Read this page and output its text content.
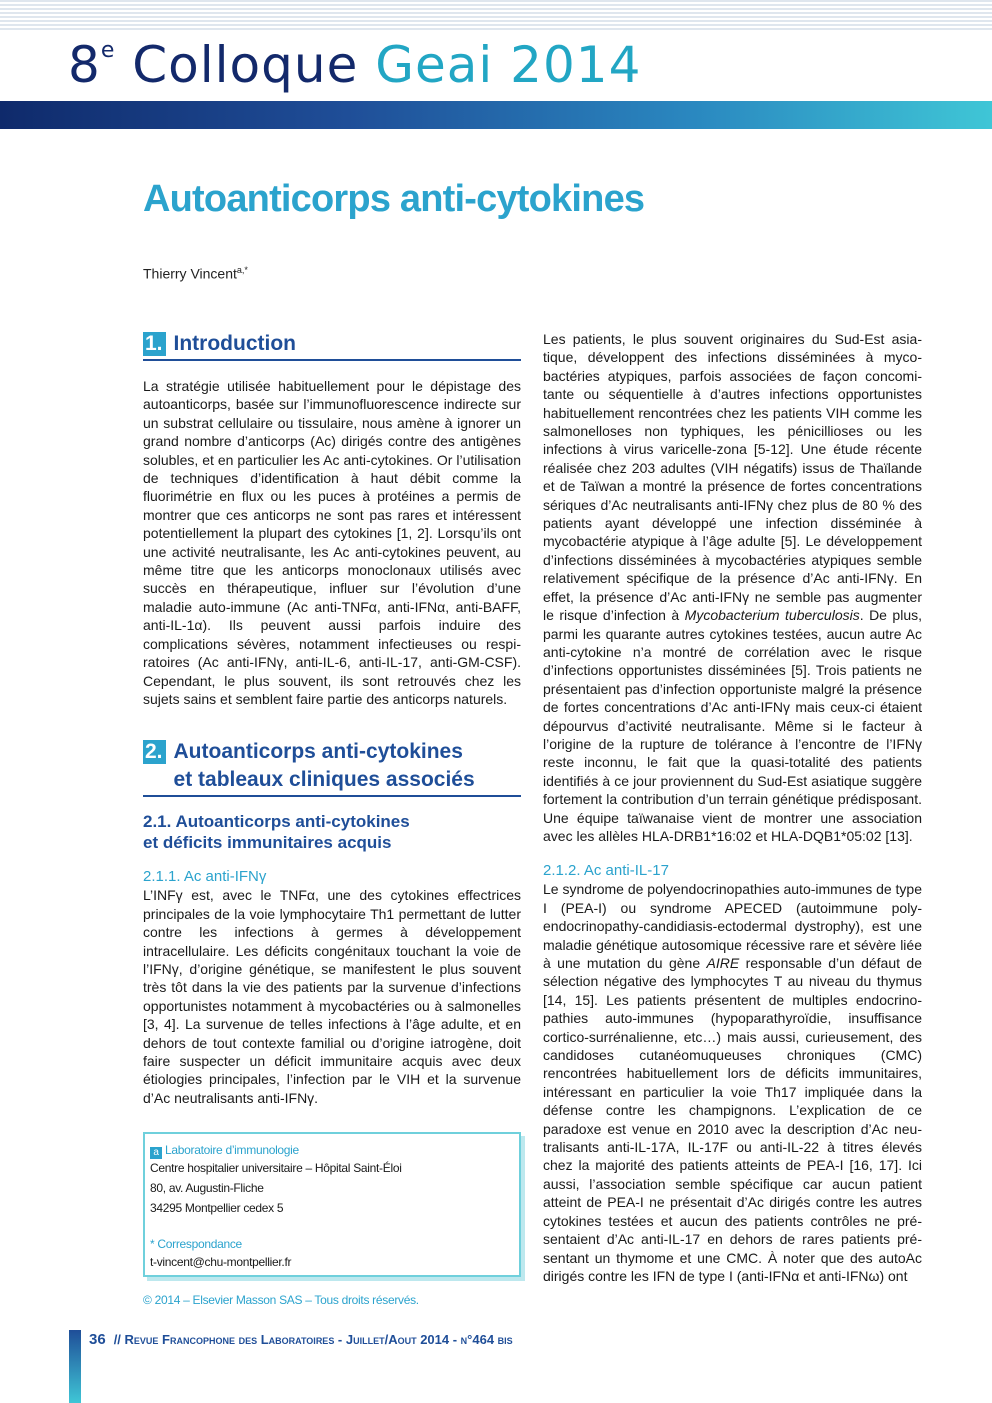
8e Colloque Geai 2014
Autoanticorps anti-cytokines
Thierry Vincent$^{a,*}$
1. Introduction

La stratégie utilisée habituellement pour le dépistage des autoanticorps, basée sur l’immunofluorescence indirecte sur un substrat cellulaire ou tissulaire, nous amène à ignorer un grand nombre d’anticorps (Ac) dirigés contre des antigènes solubles, et en particulier les Ac anti-cytokines. Or l’utilisation de techniques d’identification à haut débit comme la fluorimétrie en flux ou les puces à protéines a permis de montrer que ces anticorps ne sont pas rares et intéressent potentiellement la plupart des cytokines [1, 2]. Lorsqu’ils ont une activité neutralisante, les Ac anti-cytokines peuvent, au même titre que les anticorps monoclonaux utilisés avec succès en thérapeutique, influer sur l’évolution d’une maladie auto-immune (Ac anti-TNFα, anti-IFNα, anti-BAFF, anti-IL-1α). Ils peuvent aussi parfois induire des complications sévères, notamment infectieuses ou respiratoires (Ac anti-IFNγ, anti-IL-6, anti-IL-17, anti-GM-CSF). Cependant, le plus souvent, ils sont retrouvés chez les sujets sains et semblent faire partie des anticorps naturels.

2. Autoanticorps anti-cytokines
et tableaux cliniques associés
2.1. Autoanticorps anti-cytokines
et déficits immunitaires acquis
2.1.1. Ac anti-IFNγ

L’INFγ est, avec le TNFα, une des cytokines effectrices principales de la voie lymphocytaire Th1 permettant de lutter contre les infections à germes à développement intracellulaire. Les déficits congénitaux touchant la voie de l’IFNγ, d’origine génétique, se manifestent le plus souvent très tôt dans la vie des patients par la survenue d’infections opportunistes notamment à mycobactéries ou à salmonelles [3, 4]. La survenue de telles infections à l’âge adulte, et en dehors de tout contexte familial ou d’origine iatrogène, doit faire suspecter un déficit immunitaire acquis avec deux étiologies principales, l’infection par le VIH et la survenue d’Ac neutralisants anti-IFNγ.

Les patients, le plus souvent originaires du Sud-Est asiatique, développent des infections disséminées à mycobactéries atypiques, parfois associées de façon concomitante ou séquentielle à d’autres infections opportunistes habituellement rencontrées chez les patients VIH comme les salmonelloses non typhiques, les pénicillioses ou les infections à virus varicelle-zona [5-12]. Une étude récente réalisée chez 203 adultes (VIH négatifs) issus de Thaïlande et de Taïwan a montré la présence de fortes concentrations sériques d’Ac neutralisants anti-IFNγ chez plus de 80 % des patients ayant développé une infection disséminée à mycobactérie atypique à l’âge adulte [5]. Le développement d’infections disséminées à mycobactéries atypiques semble relativement spécifique de la présence d’Ac anti-IFNγ. En effet, la présence d’Ac anti-IFNγ ne semble pas augmenter le risque d’infection à Mycobacterium tuberculosis. De plus, parmi les quarante autres cytokines testées, aucun autre Ac anti-cytokine n’a montré de corrélation avec le risque d’infections opportunistes disséminées [5]. Trois patients ne présentaient pas d’infection opportuniste malgré la présence de fortes concentrations d’Ac anti-IFNγ mais ceux-ci étaient dépourvus d’activité neutralisante. Même si le facteur à l’origine de la rupture de tolérance à l’encontre de l’IFNγ reste inconnu, le fait que la quasi-totalité des patients identifiés à ce jour proviennent du Sud-Est asiatique suggère fortement la contribution d’un terrain génétique prédisposant. Une équipe taïwanaise vient de montrer une association avec les allèles HLA-DRB1*16:02 et HLA-DQB1*05:02 [13].

2.1.2. Ac anti-IL-17

Le syndrome de polyendocrinopathies auto-immunes de type I (PEA-I) ou syndrome APECED (autoimmune polyendocrinopathy-candidiasis-ectodermal dystrophy), est une maladie génétique autosomique récessive rare et sévère liée à une mutation du gène AIRE responsable d’un défaut de sélection négative des lymphocytes T au niveau du thymus [14, 15]. Les patients présentent de multiples endocrinopathies auto-immunes (hypoparathyroïdie, insuffisance cortico-surrénalienne, etc…) mais aussi, curieusement, des candidoses cutanéomuqueuses chroniques (CMC) rencontrées habituellement lors de déficits immunitaires, intéressant en particulier la voie Th17 impliquée dans la défense contre les champignons. L’explication de ce paradoxe est venue en 2010 avec la description d’Ac neutralisants anti-IL-17A, IL-17F ou anti-IL-22 à titres élevés chez la majorité des patients atteints de PEA-I [16, 17]. Ici aussi, l’association semble spécifique car aucun patient atteint de PEA-I ne présentait d’Ac dirigés contre les autres cytokines testées et aucun des patients contrôles ne présentaient d’Ac anti-IL-17 en dehors de rares patients présentant un thymome et une CMC. À noter que des autoAc dirigés contre les IFN de type I (anti-IFNα et anti-IFNω) ont

a Laboratoire d’immunologie
Centre hospitalier universitaire – Hôpital Saint-Éloi
80, av. Augustin-Fliche
34295 Montpellier cedex 5
* Correspondance
t-vincent@chu-montpellier.fr
© 2014 – Elsevier Masson SAS – Tous droits réservés.
36 // Revue Francophone des Laboratoires - Juillet/Aout 2014 - n°464 bis
